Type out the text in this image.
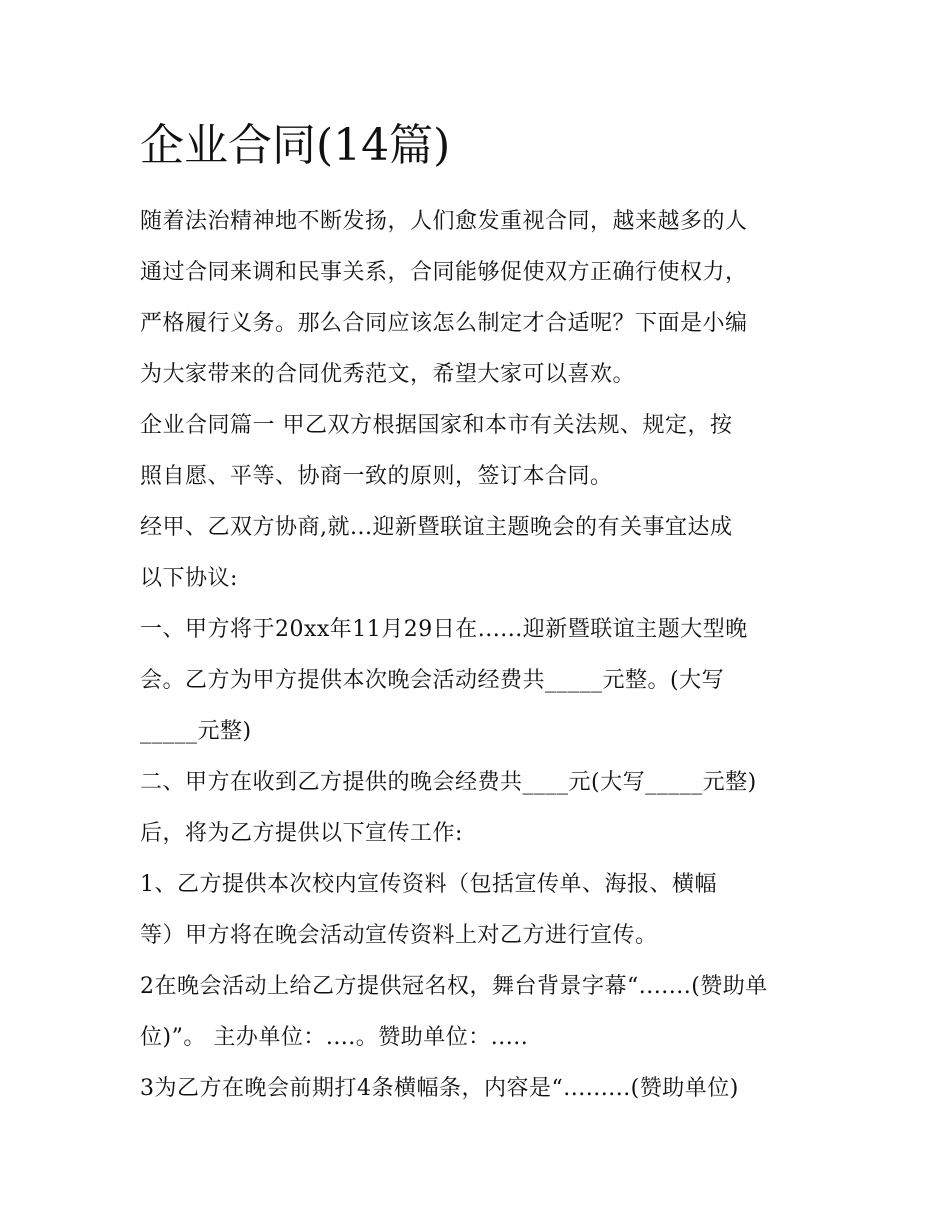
企业合同(14篇)

随着法治精神地不断发扬，人们愈发重视合同，越来越多的人

通过合同来调和民事关系，合同能够促使双方正确行使权力，

严格履行义务。那么合同应该怎么制定才合适呢？下面是小编

为大家带来的合同优秀范文，希望大家可以喜欢。

企业合同篇一 甲乙双方根据国家和本市有关法规、规定，按

照自愿、平等、协商一致的原则，签订本合同。

经甲、乙双方协商,就...迎新暨联谊主题晚会的有关事宜达成

以下协议:

一、甲方将于20xx年11月29日在......迎新暨联谊主题大型晚

会。乙方为甲方提供本次晚会活动经费共_____元整。(大写

_____元整)

二、甲方在收到乙方提供的晚会经费共____元(大写_____元整)

后，将为乙方提供以下宣传工作:

1、乙方提供本次校内宣传资料（包括宣传单、海报、横幅

等）甲方将在晚会活动宣传资料上对乙方进行宣传。

2在晚会活动上给乙方提供冠名权，舞台背景字幕“.......(赞助单

位)”。 主办单位：....。赞助单位：.....

3为乙方在晚会前期打4条横幅条，内容是“.........(赞助单位)
